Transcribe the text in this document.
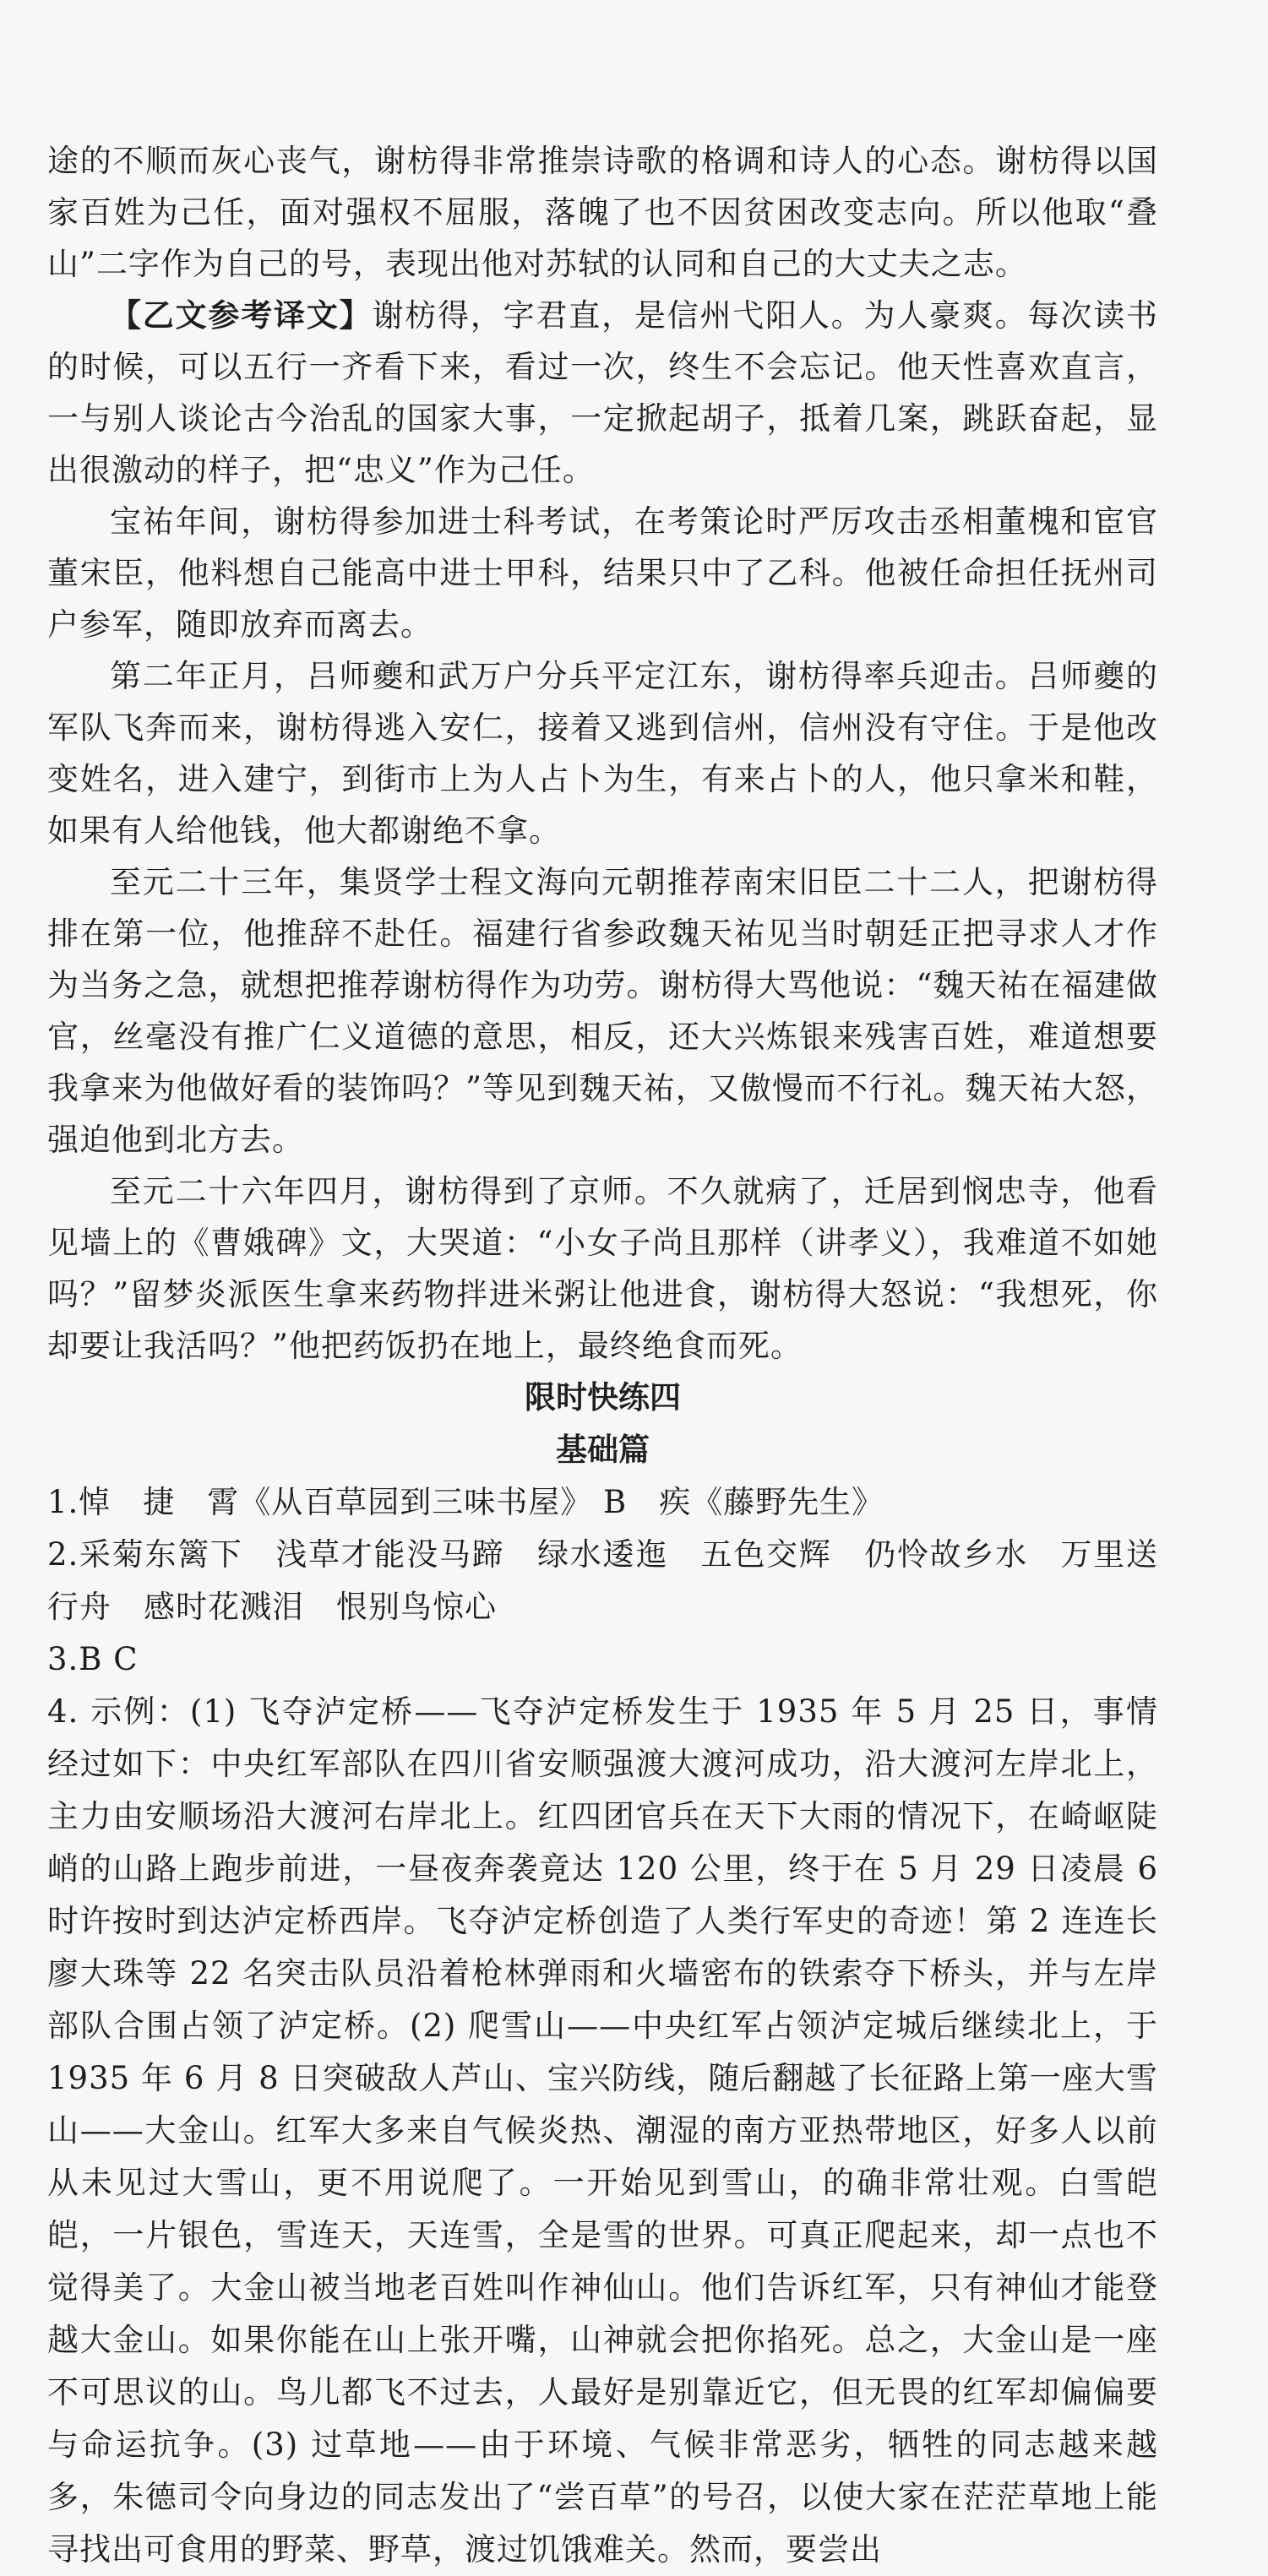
途的不顺而灰心丧气，谢枋得非常推崇诗歌的格调和诗人的心态。谢枋得以国家百姓为己任，面对强权不屈服，落魄了也不因贫困改变志向。所以他取“叠山”二字作为自己的号，表现出他对苏轼的认同和自己的大丈夫之志。

【乙文参考译文】谢枋得，字君直，是信州弋阳人。为人豪爽。每次读书的时候，可以五行一齐看下来，看过一次，终生不会忘记。他天性喜欢直言，一与别人谈论古今治乱的国家大事，一定掀起胡子，抵着几案，跳跃奋起，显出很激动的样子，把“忠义”作为己任。

宝祐年间，谢枋得参加进士科考试，在考策论时严厉攻击丞相董槐和宦官董宋臣，他料想自己能高中进士甲科，结果只中了乙科。他被任命担任抚州司户参军，随即放弃而离去。

第二年正月，吕师夔和武万户分兵平定江东，谢枋得率兵迎击。吕师夔的军队飞奔而来，谢枋得逃入安仁，接着又逃到信州，信州没有守住。于是他改变姓名，进入建宁，到街市上为人占卜为生，有来占卜的人，他只拿米和鞋，如果有人给他钱，他大都谢绝不拿。

至元二十三年，集贤学士程文海向元朝推荐南宋旧臣二十二人，把谢枋得排在第一位，他推辞不赴任。福建行省参政魏天祐见当时朝廷正把寻求人才作为当务之急，就想把推荐谢枋得作为功劳。谢枋得大骂他说：“魏天祐在福建做官，丝毫没有推广仁义道德的意思，相反，还大兴炼银来残害百姓，难道想要我拿来为他做好看的装饰吗？”等见到魏天祐，又傲慢而不行礼。魏天祐大怒，强迫他到北方去。

至元二十六年四月，谢枋得到了京师。不久就病了，迁居到悯忠寺，他看见墙上的《曹娥碑》文，大哭道：“小女子尚且那样（讲孝义），我难道不如她吗？”留梦炎派医生拿来药物拌进米粥让他进食，谢枋得大怒说：“我想死，你却要让我活吗？”他把药饭扔在地上，最终绝食而死。

限时快练四
基础篇

1.悼　捷　霄《从百草园到三味书屋》 B　疾《藤野先生》

2.采菊东篱下　浅草才能没马蹄　绿水逶迤　五色交辉　仍怜故乡水　万里送行舟　感时花溅泪　恨别鸟惊心

3.B C

4. 示例：(1) 飞夺泸定桥——飞夺泸定桥发生于 1935 年 5 月 25 日，事情经过如下：中央红军部队在四川省安顺强渡大渡河成功，沿大渡河左岸北上，主力由安顺场沿大渡河右岸北上。红四团官兵在天下大雨的情况下，在崎岖陡峭的山路上跑步前进，一昼夜奔袭竟达 120 公里，终于在 5 月 29 日凌晨 6 时许按时到达泸定桥西岸。飞夺泸定桥创造了人类行军史的奇迹！第 2 连连长廖大珠等 22 名突击队员沿着枪林弹雨和火墙密布的铁索夺下桥头，并与左岸部队合围占领了泸定桥。(2) 爬雪山——中央红军占领泸定城后继续北上，于 1935 年 6 月 8 日突破敌人芦山、宝兴防线，随后翻越了长征路上第一座大雪山——大金山。红军大多来自气候炎热、潮湿的南方亚热带地区，好多人以前从未见过大雪山，更不用说爬了。一开始见到雪山，的确非常壮观。白雪皑皑，一片银色，雪连天，天连雪，全是雪的世界。可真正爬起来，却一点也不觉得美了。大金山被当地老百姓叫作神仙山。他们告诉红军，只有神仙才能登越大金山。如果你能在山上张开嘴，山神就会把你掐死。总之，大金山是一座不可思议的山。鸟儿都飞不过去，人最好是别靠近它，但无畏的红军却偏偏要与命运抗争。(3) 过草地——由于环境、气候非常恶劣，牺牲的同志越来越多，朱德司令向身边的同志发出了“尝百草”的号召，以使大家在茫茫草地上能寻找出可食用的野菜、野草，渡过饥饿难关。然而，要尝出
